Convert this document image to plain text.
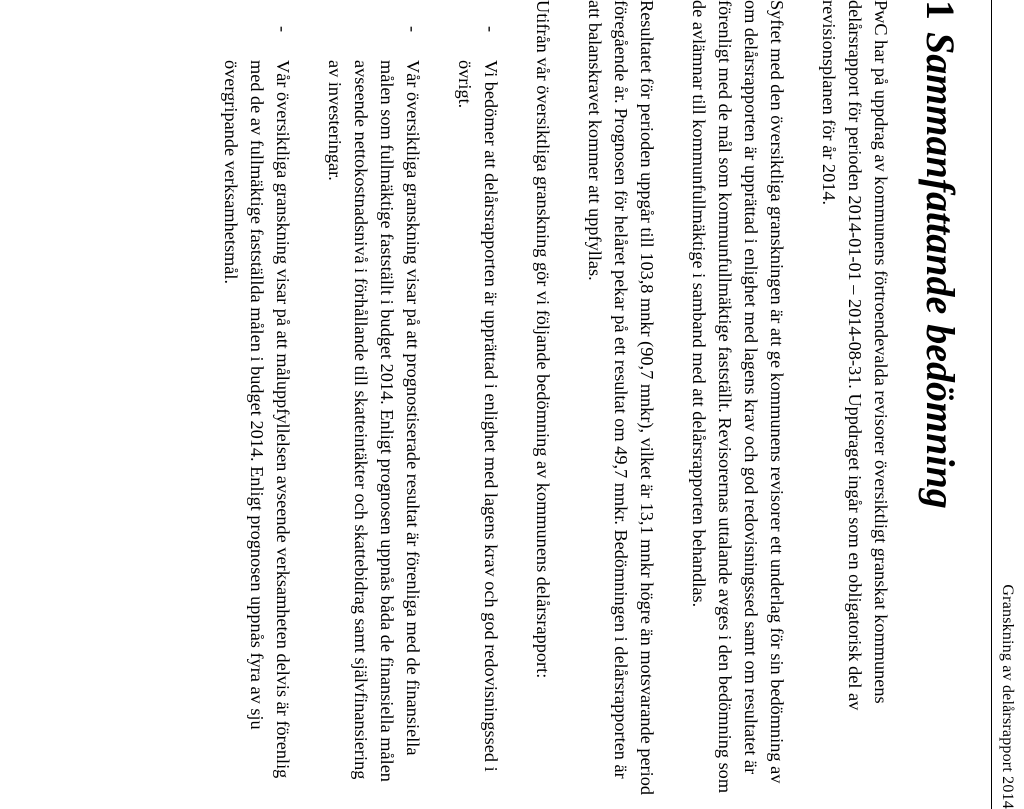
Granskning av delårsrapport 2014
1Sammanfattande bedömning

PwC har på uppdrag av kommunens förtroendevalda revisorer översiktligt granskat kommunens delårsrapport för perioden 2014-01-01 – 2014-08-31. Uppdraget ingår som en obligatorisk del av revisionsplanen för år 2014.

Syftet med den översiktliga granskningen är att ge kommunens revisorer ett underlag för sin bedömning av om delårsrapporten är upprättad i enlighet med lagens krav och god redovisningssed samt om resultatet är förenligt med de mål som kommunfullmäktige fastställt. Revisorernas uttalande avges i den bedömning som de avlämnar till kommunfullmäktige i samband med att delårsrapporten behandlas.

Resultatet för perioden uppgår till 103,8 mnkr (90,7 mnkr), vilket är 13,1 mnkr högre än motsvarande period föregående år. Prognosen för helåret pekar på ett resultat om 49,7 mnkr. Bedömningen i delårsrapporten är att balanskravet kommer att uppfyllas.

Utifrån vår översiktliga granskning gör vi följande bedömning av kommunens delårsrapport:

-
Vi bedömer att delårsrapporten är upprättad i enlighet med lagens krav och god redovisningssed i övrigt.
-
Vår översiktliga granskning visar på att prognostiserade resultat är förenliga med de finansiella målen som fullmäktige fastställt i budget 2014. Enligt prognosen uppnås båda de finansiella målen avseende nettokostnadsnivå i förhållande till skatteintäkter och skattebidrag samt självfinansiering av investeringar.
-
Vår översiktliga granskning visar på att måluppfyllelsen avseende verksamheten delvis är förenlig med de av fullmäktige fastställda målen i budget 2014. Enligt prognosen uppnås fyra av sju övergripande verksamhetsmål.
